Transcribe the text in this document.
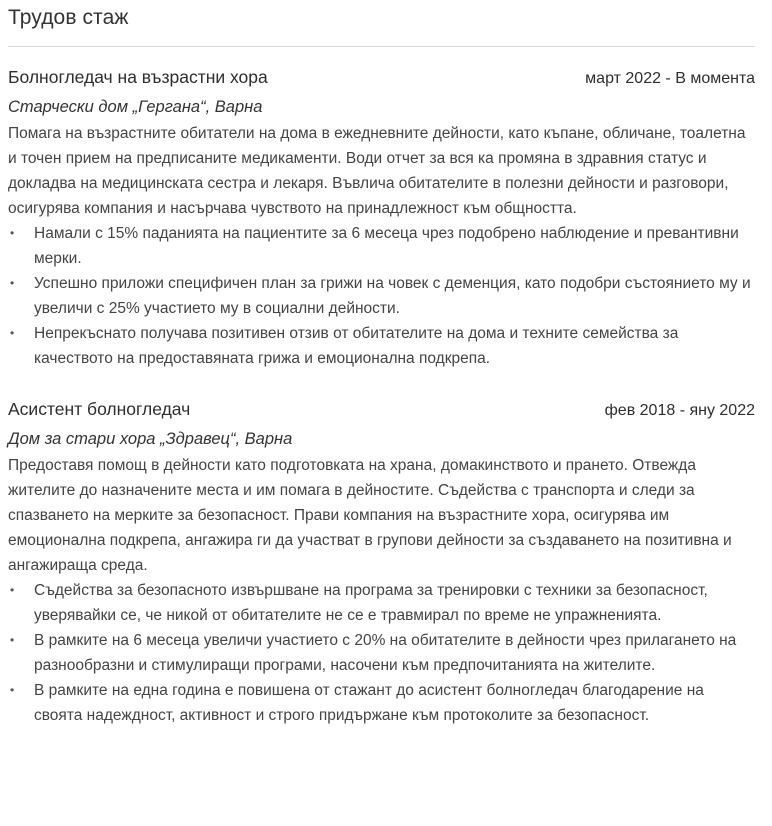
Трудов стаж
Болногледач на възрастни хора	март 2022 - В момента
Старчески дом „Гергана“, Варна

Помага на възрастните обитатели на дома в ежедневните дейности, като къпане, обличане, тоалетна и точен прием на предписаните медикаменти. Води отчет за вся ка промяна в здравния статус и докладва на медицинската сестра и лекаря. Въвлича обитателите в полезни дейности и разговори, осигурява компания и насърчава чувството на принадлежност към общността.

• Намали с 15% паданията на пациентите за 6 месеца чрез подобрено наблюдение и превантивни мерки.
• Успешно приложи специфичен план за грижи на човек с деменция, като подобри състоянието му и увеличи с 25% участието му в социални дейности.
• Непрекъснато получава позитивен отзив от обитателите на дома и техните семейства за качеството на предоставяната грижа и емоционална подкрепа.
Асистент болногледач	фев 2018 - яну 2022
Дом за стари хора „Здравец“, Варна

Предоставя помощ в дейности като подготовката на храна, домакинството и прането. Отвежда жителите до назначените места и им помага в дейностите. Съдейства с транспорта и следи за спазването на мерките за безопасност. Прави компания на възрастните хора, осигурява им емоционална подкрепа, ангажира ги да участват в групови дейности за създаването на позитивна и ангажираща среда.

• Съдейства за безопасното извършване на програма за тренировки с техники за безопасност, уверявайки се, че никой от обитателите не се е травмирал по време не упражненията.
• В рамките на 6 месеца увеличи участието с 20% на обитателите в дейности чрез прилагането на разнообразни и стимулиращи програми, насочени към предпочитанията на жителите.
• В рамките на една година е повишена от стажант до асистент болногледач благодарение на своята надеждност, активност и строго придържане към протоколите за безопасност.
